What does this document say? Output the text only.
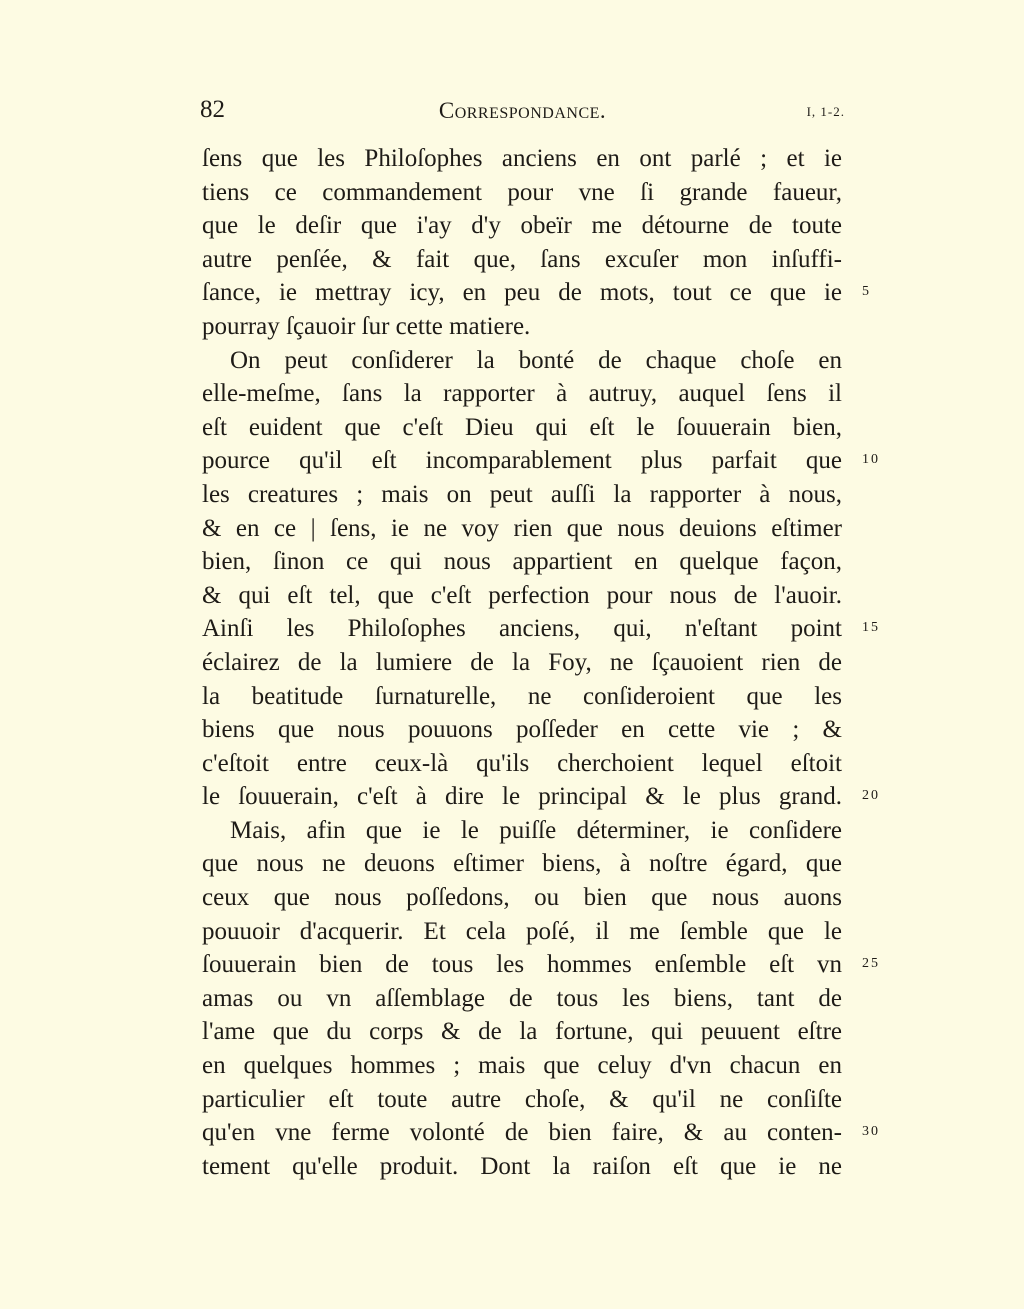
82	Correspondance.	I, 1-2.
ſens que les Philoſophes anciens en ont parlé ; et ie
tiens ce commandement pour vne ſi grande faueur,
que le deſir que i'ay d'y obeïr me détourne de toute
autre penſée, & fait que, ſans excuſer mon inſuffi-
ſance, ie mettray icy, en peu de mots, tout ce que ie
pourray ſçauoir ſur cette matiere.
On peut conſiderer la bonté de chaque choſe en
elle-meſme, ſans la rapporter à autruy, auquel ſens il
eſt euident que c'eſt Dieu qui eſt le ſouuerain bien,
pource qu'il eſt incomparablement plus parfait que
les creatures ; mais on peut auſſi la rapporter à nous,
& en ce | ſens, ie ne voy rien que nous deuions eſtimer
bien, ſinon ce qui nous appartient en quelque façon,
& qui eſt tel, que c'eſt perfection pour nous de l'auoir.
Ainſi les Philoſophes anciens, qui, n'eſtant point
éclairez de la lumiere de la Foy, ne ſçauoient rien de
la beatitude ſurnaturelle, ne conſideroient que les
biens que nous pouuons poſſeder en cette vie ; &
c'eſtoit entre ceux-là qu'ils cherchoient lequel eſtoit
le ſouuerain, c'eſt à dire le principal & le plus grand.
Mais, afin que ie le puiſſe déterminer, ie conſidere
que nous ne deuons eſtimer biens, à noſtre égard, que
ceux que nous poſſedons, ou bien que nous auons
pouuoir d'acquerir. Et cela poſé, il me ſemble que le
ſouuerain bien de tous les hommes enſemble eſt vn
amas ou vn aſſemblage de tous les biens, tant de
l'ame que du corps & de la fortune, qui peuuent eſtre
en quelques hommes ; mais que celuy d'vn chacun en
particulier eſt toute autre choſe, & qu'il ne conſiſte
qu'en vne ferme volonté de bien faire, & au conten-
tement qu'elle produit. Dont la raiſon eſt que ie ne
5
10
15
20
25
30
